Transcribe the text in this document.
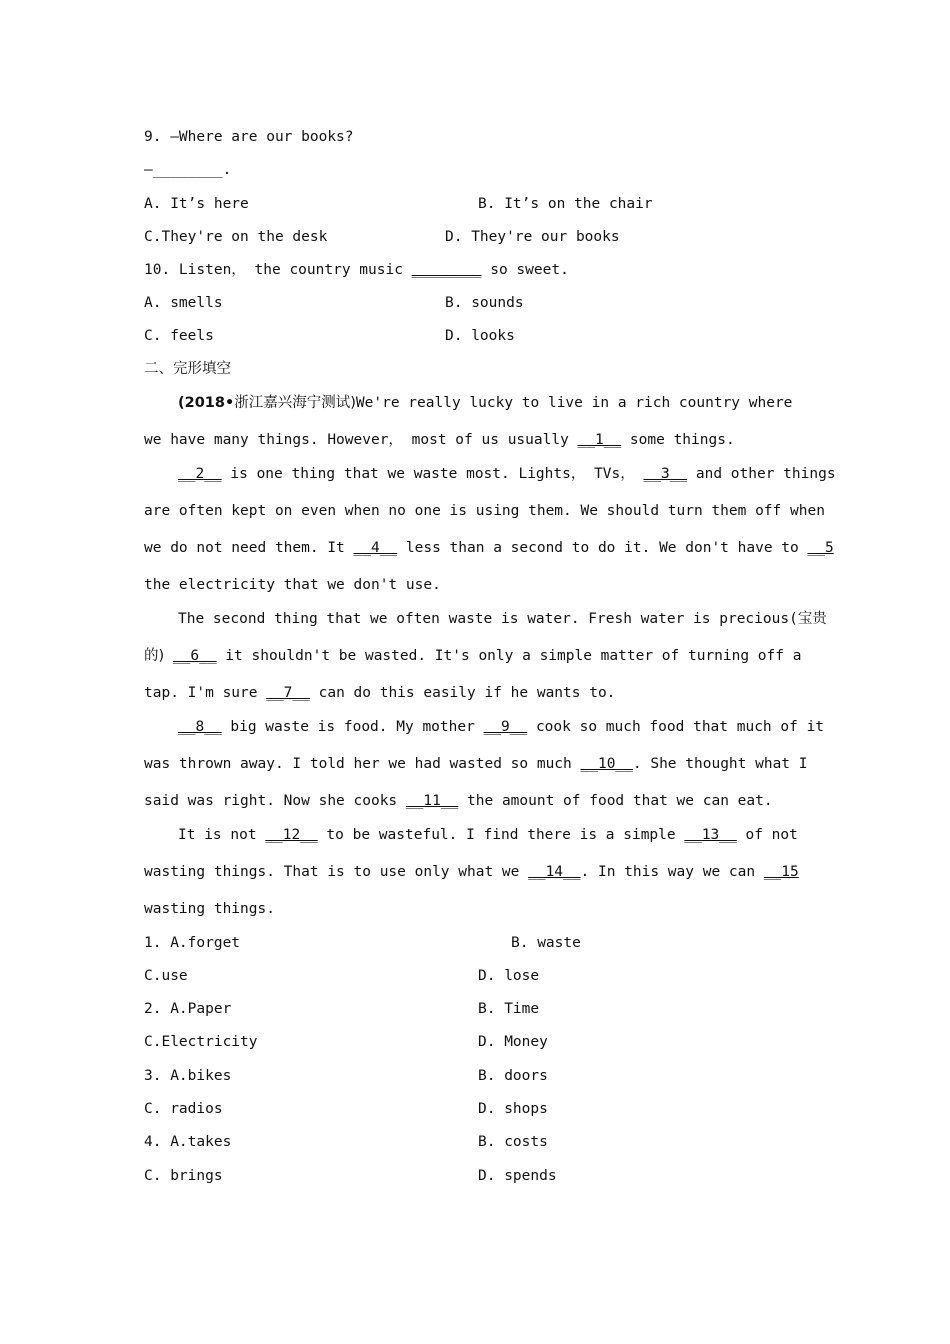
9. —Where are our books?
—________.
A. It’s here	B. It’s on the chair
C.They're on the desk	D. They're our books
10. Listen， the country music ________ so sweet.
A. smells	B. sounds
C. feels	D. looks
二、完形填空
(2018•浙江嘉兴海宁测试)We're really lucky to live in a rich country where
we have many things. However， most of us usually __1__ some things.
__2__ is one thing that we waste most. Lights， TVs， __3__ and other things
are often kept on even when no one is using them. We should turn them off when
we do not need them. It __4__ less than a second to do it. We don't have to __5
the electricity that we don't use.
The second thing that we often waste is water. Fresh water is precious(宝贵
的) __6__ it shouldn't be wasted. It's only a simple matter of turning off a
tap. I'm sure __7__ can do this easily if he wants to.
__8__ big waste is food. My mother __9__ cook so much food that much of it
was thrown away. I told her we had wasted so much __10__. She thought what I
said was right. Now she cooks __11__ the amount of food that we can eat.
It is not __12__ to be wasteful. I find there is a simple __13__ of not
wasting things. That is to use only what we __14__. In this way we can __15
wasting things.
1. A.forget	B. waste
C.use	D. lose
2. A.Paper	B. Time
C.Electricity	D. Money
3. A.bikes	B. doors
C. radios	D. shops
4. A.takes	B. costs
C. brings	D. spends
